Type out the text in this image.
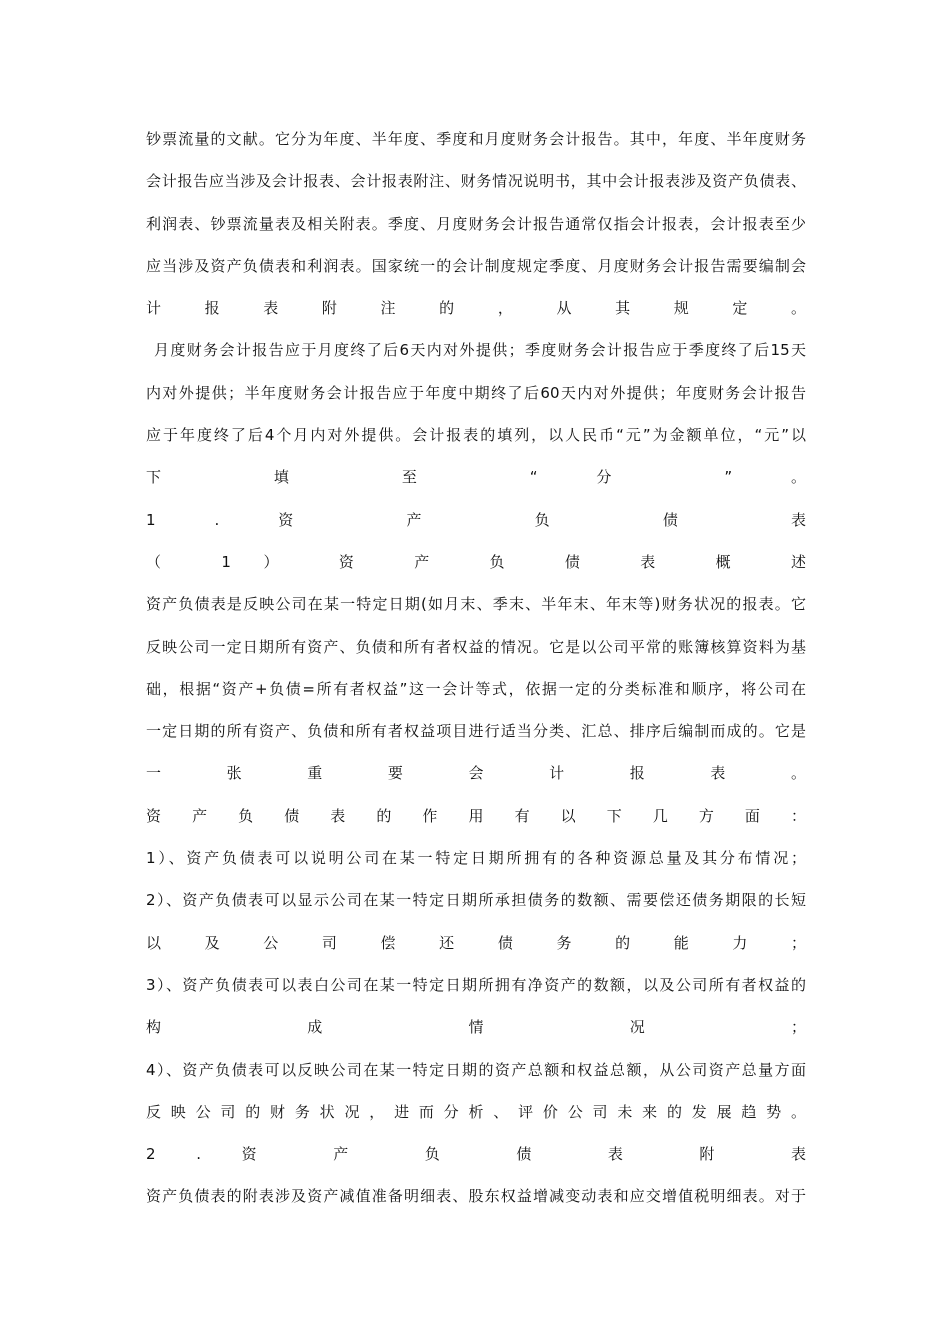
钞票流量的文献。它分为年度、半年度、季度和月度财务会计报告。其中，年度、半年度财务
会计报告应当涉及会计报表、会计报表附注、财务情况说明书，其中会计报表涉及资产负债表、
利润表、钞票流量表及相关附表。季度、月度财务会计报告通常仅指会计报表，会计报表至少
应当涉及资产负债表和利润表。国家统一的会计制度规定季度、月度财务会计报告需要编制会
计 报 表 附 注 的 ， 从 其 规 定 。
月度财务会计报告应于月度终了后6天内对外提供；季度财务会计报告应于季度终了后15天
内对外提供；半年度财务会计报告应于年度中期终了后60天内对外提供；年度财务会计报告
应于年度终了后4个月内对外提供。会计报表的填列，以人民币“元”为金额单位，“元”以
下 填 至 “ 分 ” 。
1 . 资 产 负 债 表
（ 1 ） 资 产 负 债 表 概 述
资产负债表是反映公司在某一特定日期(如月末、季末、半年末、年末等)财务状况的报表。它
反映公司一定日期所有资产、负债和所有者权益的情况。它是以公司平常的账簿核算资料为基
础，根据“资产+负债=所有者权益”这一会计等式，依据一定的分类标准和顺序，将公司在
一定日期的所有资产、负债和所有者权益项目进行适当分类、汇总、排序后编制而成的。它是
一 张 重 要 会 计 报 表 。
资 产 负 债 表 的 作 用 有 以 下 几 方 面 ：
1）、资产负债表可以说明公司在某一特定日期所拥有的各种资源总量及其分布情况；
2）、资产负债表可以显示公司在某一特定日期所承担债务的数额、需要偿还债务期限的长短
以 及 公 司 偿 还 债 务 的 能 力 ；
3）、资产负债表可以表白公司在某一特定日期所拥有净资产的数额，以及公司所有者权益的
构 成 情 况 ；
4）、资产负债表可以反映公司在某一特定日期的资产总额和权益总额，从公司资产总量方面
反 映 公 司 的 财 务 状 况 ， 进 而 分 析 、 评 价 公 司 未 来 的 发 展 趋 势 。
2 . 资 产 负 债 表 附 表
资产负债表的附表涉及资产减值准备明细表、股东权益增减变动表和应交增值税明细表。对于
